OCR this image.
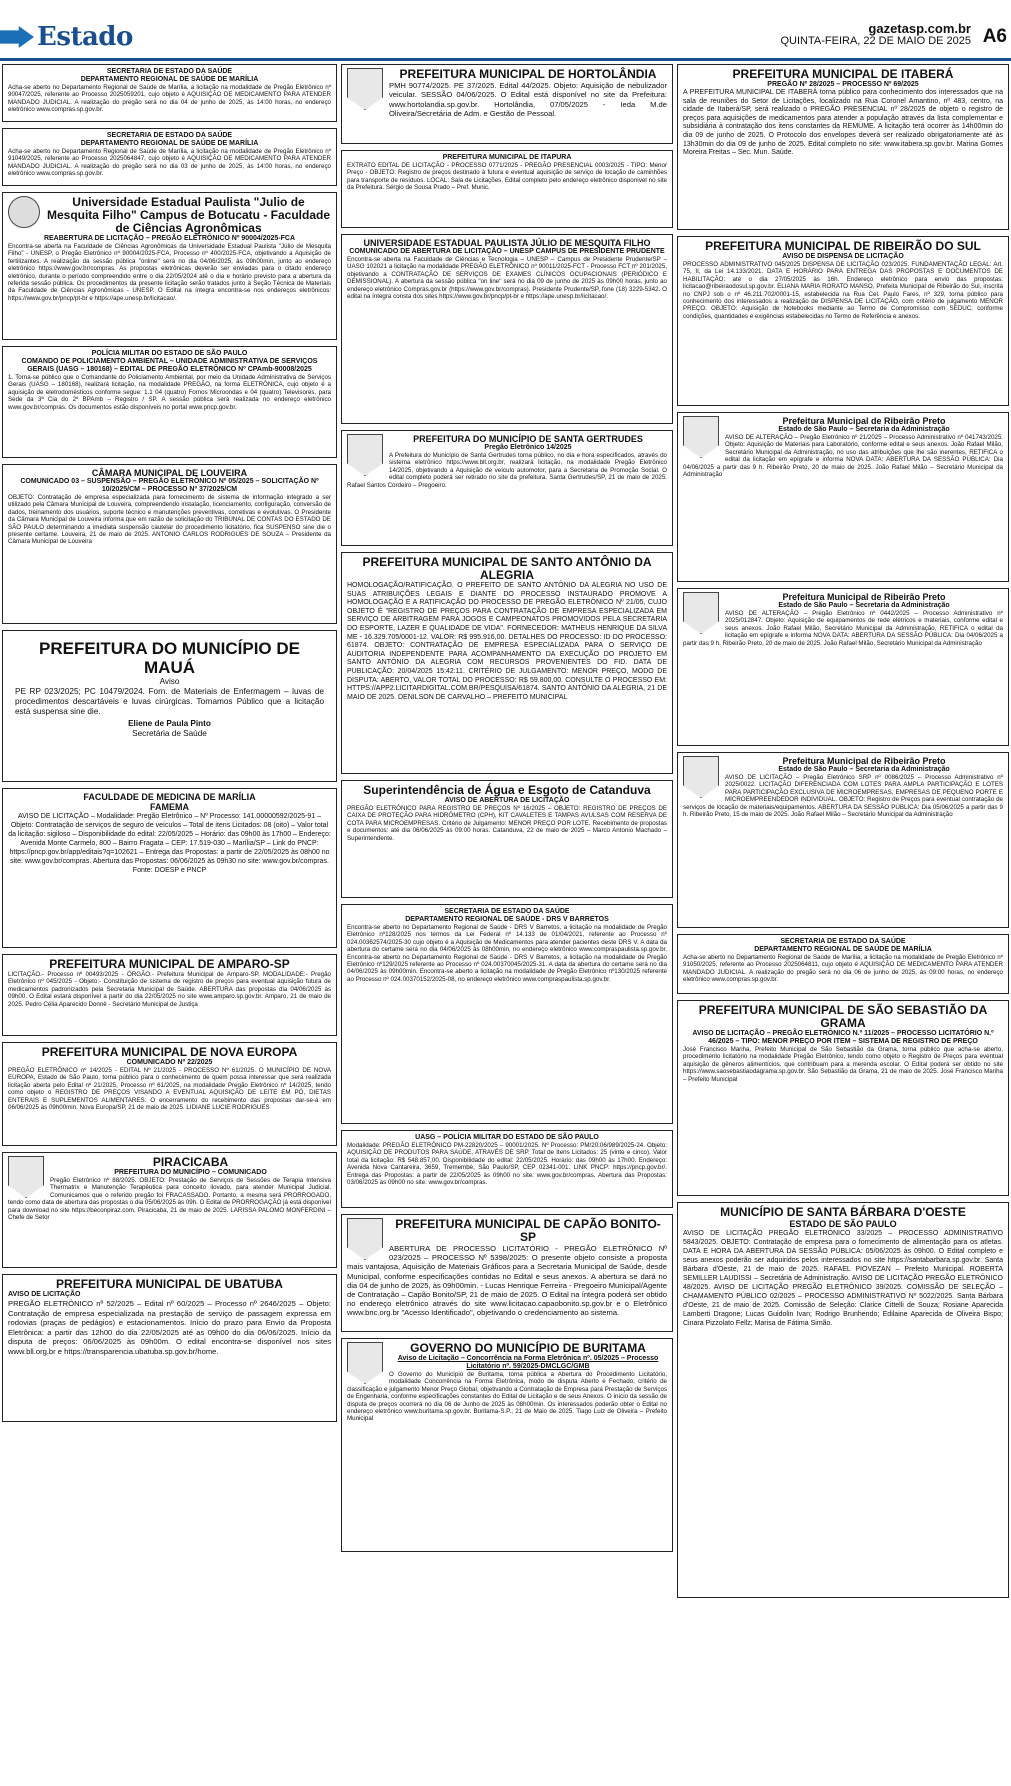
Estado	gazetasp.com.br
QUINTA-FEIRA, 22 DE MAIO DE 2025 A6
SECRETARIA DE ESTADO DA SAÚDE
DEPARTAMENTO REGIONAL DE SAÚDE DE MARÍLIA

Acha-se aberto no Departamento Regional de Saúde de Marília, a licitação na modalidade de Pregão Eletrônico nº 90047/2025, referente ao Processo 2025059201, cujo objeto é AQUISIÇÃO DE MEDICAMENTO PARA ATENDER MANDADO JUDICIAL. A realização do pregão será no dia 04 de junho de 2025, às 14:00 horas, no endereço eletrônico www.compras.sp.gov.br.

SECRETARIA DE ESTADO DA SAÚDE
DEPARTAMENTO REGIONAL DE SAÚDE DE MARÍLIA

Acha-se aberto no Departamento Regional de Saúde de Marília, a licitação na modalidade de Pregão Eletrônico nº 91049/2025, referente ao Processo 2025064847, cujo objeto é AQUISIÇÃO DE MEDICAMENTO PARA ATENDER MANDADO JUDICIAL. A realização do pregão será no dia 03 de junho de 2025, às 14:00 horas, no endereço eletrônico www.compras.sp.gov.br.

Universidade Estadual Paulista "Julio de Mesquita Filho" Campus de Botucatu - Faculdade de Ciências Agronômicas
REABERTURA DE LICITAÇÃO – PREGÃO ELETRÔNICO Nº 90004/2025-FCA

Encontra-se aberta na Faculdade de Ciências Agronômicas da Universidade Estadual Paulista "Júlio de Mesquita Filho" - UNESP, o Pregão Eletrônico nº 90004/2025-FCA, Processo nº 400/2025-FCA, objetivando a Aquisição de fertilizantes. A realização da sessão pública "online" será no dia 04/06/2025, às 09h00min, junto ao endereço eletrônico https://www.gov.br/compras. As propostas eletrônicas deverão ser enviadas para o citado endereço eletrônico, durante o período compreendido entre o dia 22/05/2024 até o dia e horário previsto para a abertura da referida sessão pública. Os procedimentos da presente licitação serão tratados junto à Seção Técnica de Materiais da Faculdade de Ciências Agronômicas - UNESP. O Edital na íntegra encontra-se nos endereços eletrônicos: https://www.gov.br/pncp/pt-br e https://ape.unesp.br/licitacao/.

POLÍCIA MILITAR DO ESTADO DE SÃO PAULO
COMANDO DE POLICIAMENTO AMBIENTAL – UNIDADE ADMINISTRATIVA DE SERVIÇOS GERAIS (UASG – 180168) – EDITAL DE PREGÃO ELETRÔNICO Nº CPAmb-90008/2025

1. Torna-se público que o Comandante do Policiamento Ambiental, por meio da Unidade Administrativa de Serviços Gerais (UASG – 180168), realizará licitação, na modalidade PREGÃO, na forma ELETRÔNICA, cujo objeto é a aquisição de eletrodomésticos conforme segue: 1.1 04 (quatro) Fornos Microondas e 04 (quatro) Televisores, para Sede da 3ª Cia do 2º BPAmb – Registro / SP. A sessão pública será realizada no endereço eletrônico www.gov.br/compras. Os documentos estão disponíveis no portal www.pncp.gov.br.

CÂMARA MUNICIPAL DE LOUVEIRA
COMUNICADO 03 – SUSPENSÃO – PREGÃO ELETRÔNICO Nº 05/2025 – SOLICITAÇÃO Nº 10/2025/CM – PROCESSO Nº 37/2025/CM

OBJETO: Contratação de empresa especializada para fornecimento de sistema de informação integrado a ser utilizado pela Câmara Municipal de Louveira, compreendendo instalação, licenciamento, configuração, conversão de dados, treinamento dos usuários, suporte técnico e manutenções preventivas, corretivas e evolutivas. O Presidente da Câmara Municipal de Louveira informa que em razão de solicitação do TRIBUNAL DE CONTAS DO ESTADO DE SÃO PAULO determinando a imediata suspensão cautelar do procedimento licitatório, fica SUSPENSO sine die o presente certame. Louveira, 21 de maio de 2025. ANTONIO CARLOS RODRIGUES DE SOUZA – Presidente da Câmara Municipal de Louveira

PREFEITURA DO MUNICÍPIO DE MAUÁ
Aviso

PE RP 023/2025; PC 10479/2024. Forn. de Materiais de Enfermagem – luvas de procedimentos descartáveis e luvas cirúrgicas. Tornamos Público que a licitação está suspensa sine die.

Eliene de Paula Pinto
Secretária de Saúde
FACULDADE DE MEDICINA DE MARÍLIA
FAMEMA

AVISO DE LICITAÇÃO – Modalidade: Pregão Eletrônico – Nº Processo: 141.00000592/2025-91 – Objeto: Contratação de serviços de seguro de veículos – Total de itens Licitados: 08 (oito) – Valor total da licitação: sigiloso – Disponibilidade do edital: 22/05/2025 – Horário: das 09h00 às 17h00 – Endereço: Avenida Monte Carmelo, 800 – Bairro Fragata – CEP: 17.519-030 – Marília/SP – Link do PNCP: https://pncp.gov.br/app/editais?q=102621 – Entrega das Propostas: a partir de 22/05/2025 às 08h00 no site: www.gov.br/compras. Abertura das Propostas: 06/06/2025 às 09h30 no site: www.gov.br/compras. Fonte: DOESP e PNCP

PREFEITURA MUNICIPAL DE AMPARO-SP

LICITAÇÃO.- Processo nº 00493/2025 - ÓRGÃO:- Prefeitura Municipal de Amparo-SP. MODALIDADE:- Pregão Eletrônico nº 045/2025 - Objeto:- Constituição de sistema de registro de preços para eventual aquisição futura de medicamentos padronizados pela Secretaria Municipal de Saúde. ABERTURA das propostas dia 04/06/2025 às 09h00. O Edital estará disponível a partir do dia 22/05/2025 no site www.amparo.sp.gov.br. Amparo, 21 de maio de 2025. Pedro Célia Aparecido Donnê - Secretário Municipal de Justiça

PREFEITURA MUNICIPAL DE NOVA EUROPA
COMUNICADO Nº 22/2025

PREGÃO ELETRÔNICO nº 14/2025 - EDITAL Nº 21/2025 - PROCESSO Nº 61/2025. O MUNICÍPIO DE NOVA EUROPA, Estado de São Paulo, torna público para o conhecimento de quem possa interessar que será realizada licitação aberta pelo Edital nº 21/2025, Processo nº 61/2025, na modalidade Pregão Eletrônico nº 14/2025, tendo como objeto o REGISTRO DE PREÇOS VISANDO A EVENTUAL AQUISIÇÃO DE LEITE EM PÓ, DIETAS ENTERAIS E SUPLEMENTOS ALIMENTARES. O encerramento do recebimento das propostas dar-se-á em 06/06/2025 às 09h00min. Nova Europa/SP, 21 de maio de 2025. LIDIANE LUCIE RODRIGUES

PIRACICABA
PREFEITURA DO MUNICÍPIO – COMUNICADO

Pregão Eletrônico nº 88/2025. OBJETO: Prestação de Serviços de Sessões de Terapia Intensiva Thermatrix e Manutenção Terapêutica para conceito ilovado, para atender Municipal Judicial. Comunicamos que o referido pregão foi FRACASSADO. Portanto, a mesma será PRORROGADO, tendo como data de abertura das propostas o dia 05/06/2025 às 09h. O Edital de PRORROGAÇÃO já está disponível para download no site https://beconpiraz.com. Piracicaba, 21 de maio de 2025. LARISSA PALOMO MONFERDINI – Chefe de Setor

PREFEITURA MUNICIPAL DE UBATUBA
AVISO DE LICITAÇÃO

PREGÃO ELETRÔNICO nº 52/2025 – Edital nº 60/2025 – Processo nº 2646/2025 – Objeto: Contratação de empresa especializada na prestação de serviço de passagem expressa em rodovias (praças de pedágios) e estacionamentos. Início do prazo para Envio da Proposta Eletrônica: a partir das 12h00 do dia 22/05/2025 até as 09h00 do dia 06/06/2025. Início da disputa de preços: 06/06/2025 às 09h00m. O edital encontra-se disponível nos sites www.bll.org.br e https://transparencia.ubatuba.sp.gov.br/home.

PREFEITURA MUNICIPAL DE HORTOLÂNDIA

PMH 90774/2025. PE 37/2025. Edital 44/2025. Objeto: Aquisição de nebulizador veicular. SESSÃO 04/06/2025. O Edital está disponível no site da Prefeitura: www.hortolandia.sp.gov.br. Hortolândia, 07/05/2025 - Ieda M.de Oliveira/Secretária de Adm. e Gestão de Pessoal.

PREFEITURA MUNICIPAL DE ITAPURA

EXTRATO EDITAL DE LICITAÇÃO - PROCESSO 0771/2025 - PREGÃO PRESENCIAL 0003/2025 - TIPO: Menor Preço - OBJETO: Registro de preços destinado à futura e eventual aquisição de serviço de locação de caminhões para transporte de resíduos. LOCAL: Sala de Licitações. Edital completo pelo endereço eletrônico disponível no site da Prefeitura. Sérgio de Sousa Prado – Pref. Munic.

UNIVERSIDADE ESTADUAL PAULISTA JÚLIO DE MESQUITA FILHO
COMUNICADO DE ABERTURA DE LICITAÇÃO – UNESP CAMPUS DE PRESIDENTE PRUDENTE

Encontra-se aberta na Faculdade de Ciências e Tecnologia – UNESP – Campus de Presidente Prudente/SP – UASG 102021 a licitação na modalidade PREGÃO ELETRÔNICO nº 90011/2025-FCT - Processo FCT nº 201/2025, objetivando a CONTRATAÇÃO DE SERVIÇOS DE EXAMES CLÍNICOS OCUPACIONAIS (PERIÓDICO E DEMISSIONAL). A abertura da sessão pública "on line" será no dia 09 de junho de 2025 às 09h00 horas, junto ao endereço eletrônico Compras.gov.br (https://www.gov.br/compras). Presidente Prudente/SP, fone (18) 3229-5342. O edital na íntegra consta dos sites https://www.gov.br/pncp/pt-br e https://ape.unesp.br/licitacao/.

PREFEITURA DO MUNICÍPIO DE SANTA GERTRUDES
Pregão Eletrônico 14/2025

A Prefeitura do Município de Santa Gertrudes torna público, no dia e hora especificados, através do sistema eletrônico https://www.bll.org.br, realizará licitação, na modalidade Pregão Eletrônico 14/2025, objetivando a Aquisição de veículo automotor, para a Secretaria de Promoção Social. O edital completo poderá ser retirado no site da prefeitura. Santa Gertrudes/SP, 21 de maio de 2025. Rafael Santos Cordeiro – Pregoeiro.

PREFEITURA MUNICIPAL DE SANTO ANTÔNIO DA ALEGRIA

HOMOLOGAÇÃO/RATIFICAÇÃO. O PREFEITO DE SANTO ANTÔNIO DA ALEGRIA NO USO DE SUAS ATRIBUIÇÕES LEGAIS E DIANTE DO PROCESSO INSTAURADO PROMOVE A HOMOLOGAÇÃO E A RATIFICAÇÃO DO PROCESSO DE PREGÃO ELETRÔNICO Nº 21/05, CUJO OBJETO É "REGISTRO DE PREÇOS PARA CONTRATAÇÃO DE EMPRESA ESPECIALIZADA EM SERVIÇO DE ARBITRAGEM PARA JOGOS E CAMPEONATOS PROMOVIDOS PELA SECRETARIA DO ESPORTE, LAZER E QUALIDADE DE VIDA". FORNECEDOR: MATHEUS HENRIQUE DA SILVA ME - 16.329.705/0001-12. VALOR: R$ 995.916,00. DETALHES DO PROCESSO: ID DO PROCESSO: 61874. OBJETO: CONTRATAÇÃO DE EMPRESA ESPECIALIZADA PARA O SERVIÇO DE AUDITORIA INDEPENDENTE PARA ACOMPANHAMENTO DA EXECUÇÃO DO PROJETO EM SANTO ANTÔNIO DA ALEGRIA COM RECURSOS PROVENIENTES DO FID. DATA DE PUBLICAÇÃO: 20/04/2025 15:42:11. CRITÉRIO DE JULGAMENTO: MENOR PREÇO, MODO DE DISPUTA: ABERTO, VALOR TOTAL DO PROCESSO: R$ 59.800,00. CONSULTE O PROCESSO EM: HTTPS://APP2.LICITARDIGITAL.COM.BR/PESQUISA/61874. SANTO ANTÔNIO DA ALEGRIA, 21 DE MAIO DE 2025. DENILSON DE CARVALHO – PREFEITO MUNICIPAL

Superintendência de Água e Esgoto de Catanduva
AVISO DE ABERTURA DE LICITAÇÃO

PREGÃO ELETRÔNICO PARA REGISTRO DE PREÇOS Nº 16/2025 – OBJETO: REGISTRO DE PREÇOS DE CAIXA DE PROTEÇÃO PARA HIDRÔMETRO (CPH), KIT CAVALETES E TAMPAS AVULSAS COM RESERVA DE COTA PARA MICROEMPRESAS. Critério de Julgamento: MENOR PREÇO POR LOTE. Recebimento de propostas e documentos: até dia 06/06/2025 às 09:00 horas. Catanduva, 22 de maio de 2025 – Marco Antonio Machado – Superintendente.

SECRETARIA DE ESTADO DA SAÚDE
DEPARTAMENTO REGIONAL DE SAÚDE - DRS V BARRETOS

Encontra-se aberto no Departamento Regional de Saúde - DRS V Barretos, a licitação na modalidade de Pregão Eletrônico nº128/2025 nos termos da Lei Federal nº 14.133 de 01/04/2021, referente ao Processo nº 024.00362574/2025-30 cujo objeto é a Aquisição de Medicamentos para atender pacientes deste DRS V. A data da abertura do certame será no dia 04/06/2025 às 08h00min, no endereço eletrônico www.compraspaulista.sp.gov.br. Encontra-se aberto no Departamento Regional de Saúde - DRS V Barretos, a licitação na modalidade de Pregão Eletrônico nº129/2025 referente ao Processo nº 024.00370045/2025-31. A data da abertura do certame será no dia 04/06/2025 às 09h00min. Encontra-se aberto a licitação na modalidade de Pregão Eletrônico nº130/2025 referente ao Processo nº 024.00370152/2025-08, no endereço eletrônico www.compraspaulista.sp.gov.br.

UASG – POLÍCIA MILITAR DO ESTADO DE SÃO PAULO

Modalidade: PREGÃO ELETRÔNICO PM-22820/2025 – 90001/2025. Nº Processo: PM/20.06/989/2025-24. Objeto: AQUISIÇÃO DE PRODUTOS PARA SAÚDE, ATRAVÉS DE SRP. Total de Itens Licitados: 25 (vinte e cinco). Valor total da licitação: R$ 548.857,00. Disponibilidade do edital: 22/05/2025. Horário: das 09h00 às 17h00. Endereço: Avenida Nova Cantareira, 3659, Tremembé, São Paulo/SP, CEP 02341-001. LINK PNCP: https://pncp.gov.br/. Entrega das Propostas: a partir de 22/05/2025 às 09h00 no site: www.gov.br/compras. Abertura das Propostas: 03/06/2025 às 09h00 no site: www.gov.br/compras.

PREFEITURA MUNICIPAL DE CAPÃO BONITO-SP

ABERTURA DE PROCESSO LICITATÓRIO - PREGÃO ELETRÔNICO Nº 023/2025 – PROCESSO Nº 5398/2025: O presente objeto consiste a proposta mais vantajosa, Aquisição de Materiais Gráficos para a Secretaria Municipal de Saúde, desde Municipal, conforme especificações contidas no Edital e seus anexos. A abertura se dará no dia 04 de junho de 2025, às 09h00min. - Lucas Henrique Ferreira - Pregoeiro Municipal/Agente de Contratação – Capão Bonito/SP, 21 de maio de 2025. O Edital na íntegra poderá ser obtido no endereço eletrônico através do site www.licitacao.capaobonito.sp.gov.br e o Eletrônico www.bnc.org.br "Acesso Identificado", objetivando o credenciamento ao sistema.

GOVERNO DO MUNICÍPIO DE BURITAMA
Aviso de Licitação – Concorrência na Forma Eletrônica nº. 05/2025 – Processo Licitatório nº. 59/2025-DMCLGC/GMB

O Governo do Município de Buritama, torna pública a Abertura do Procedimento Licitatório, modalidade Concorrência na Forma Eletrônica, modo de disputa Aberto e Fechado, critério de classificação e julgamento Menor Preço Global, objetivando a Contratação de Empresa para Prestação de Serviços de Engenharia, conforme especificações constantes do Edital de Licitação e de seus Anexos. O início da sessão de disputa de preços ocorrerá no dia 06 de Junho de 2025 às 08h00min. Os interessados poderão obter o Edital no endereço eletrônico www.buritama.sp.gov.br. Buritama-S.P., 21 de Maio de 2025. Tiago Luiz de Oliveira – Prefeito Municipal

PREFEITURA MUNICIPAL DE ITABERÁ
PREGÃO Nº 28/2025 – PROCESSO Nº 69/2025

A PREFEITURA MUNICIPAL DE ITABERÁ torna público para conhecimento dos interessados que na sala de reuniões do Setor de Licitações, localizado na Rua Coronel Amantino, nº 483, centro, na cidade de Itaberá/SP, será realizado o PREGÃO PRESENCIAL nº 28/2025 de objeto o registro de preços para aquisições de medicamentos para atender a população através da lista complementar e subsidiária à contratação dos itens constantes da REMUME. A licitação terá ocorrer às 14h00min do dia 09 de junho de 2025. O Protocolo dos envelopes deverá ser realizado obrigatoriamente até às 13h30min do dia 09 de junho de 2025. Edital completo no site: www.itabera.sp.gov.br. Marina Gomes Moreira Freitas – Sec. Mun. Saúde.

PREFEITURA MUNICIPAL DE RIBEIRÃO DO SUL
AVISO DE DISPENSA DE LICITAÇÃO

PROCESSO ADMINISTRATIVO 045/2025 DISPENSA DE LICITAÇÃO 023/2025. FUNDAMENTAÇÃO LEGAL: Art. 75, II, da Lei 14.133/2021. DATA E HORÁRIO PARA ENTREGA DAS PROPOSTAS E DOCUMENTOS DE HABILITAÇÃO: até o dia 27/05/2025 às 16h. Endereço eletrônico para envio das propostas: licitacao@ribeiraodosul.sp.gov.br. ELIANA MARIA RORATO MANSO, Prefeita Municipal de Ribeirão do Sul, inscrita no CNPJ sob o nº 46.211.702/0001-15, estabelecida na Rua Cel. Paulo Fares, nº 329, torna público para conhecimento dos interessados a realização de DISPENSA DE LICITAÇÃO, com critério de julgamento MENOR PREÇO. OBJETO: Aquisição de Notebooks mediante ao Termo de Compromisso com SEDUC, conforme condições, quantidades e exigências estabelecidas no Termo de Referência e anexos.

Prefeitura Municipal de Ribeirão Preto
Estado de São Paulo – Secretaria da Administração

AVISO DE ALTERAÇÃO – Pregão Eletrônico nº 21/2025 – Processo Administrativo nº 041743/2025. Objeto: Aquisição de Materiais para Laboratório, conforme edital e seus anexos. João Rafael Milão, Secretário Municipal da Administração, no uso das atribuições que lhe são inerentes, RETIFICA o edital da licitação em epígrafe e informa NOVA DATA: ABERTURA DA SESSÃO PÚBLICA: Dia 04/06/2025 a partir das 9 h. Ribeirão Preto, 20 de maio de 2025. João Rafael Milão – Secretário Municipal da Administração

Prefeitura Municipal de Ribeirão Preto
Estado de São Paulo – Secretaria da Administração

AVISO DE ALTERAÇÃO – Pregão Eletrônico nº 0442/2025 – Processo Administrativo nº 2025/012847. Objeto: Aquisição de equipamentos de rede elétricos e materiais, conforme edital e seus anexos. João Rafael Milão, Secretário Municipal da Administração, RETIFICA o edital da licitação em epígrafe e informa NOVA DATA: ABERTURA DA SESSÃO PÚBLICA: Dia 04/06/2025 a partir das 9 h. Ribeirão Preto, 20 de maio de 2025. João Rafael Milão, Secretário Municipal da Administração

Prefeitura Municipal de Ribeirão Preto
Estado de São Paulo – Secretaria da Administração

AVISO DE LICITAÇÃO – Pregão Eletrônico SRP nº 0086/2025 – Processo Administrativo nº 2025/0022. LICITAÇÃO DIFERENCIADA COM LOTES PARA AMPLA PARTICIPAÇÃO E LOTES PARA PARTICIPAÇÃO EXCLUSIVA DE MICROEMPRESAS, EMPRESAS DE PEQUENO PORTE E MICROEMPREENDEDOR INDIVIDUAL. OBJETO: Registro de Preços para eventual contratação de serviços de locação de materiais/equipamentos. ABERTURA DA SESSÃO PÚBLICA: Dia 05/06/2025 a partir das 9 h. Ribeirão Preto, 15 de maio de 2025. João Rafael Milão – Secretário Municipal da Administração

SECRETARIA DE ESTADO DA SAÚDE
DEPARTAMENTO REGIONAL DE SAÚDE DE MARÍLIA

Acha-se aberto no Departamento Regional de Saúde de Marília, a licitação na modalidade de Pregão Eletrônico nº 91050/2025, referente ao Processo 2025064811, cujo objeto é AQUISIÇÃO DE MEDICAMENTO PARA ATENDER MANDADO JUDICIAL. A realização do pregão será no dia 06 de junho de 2025, às 09:00 horas, no endereço eletrônico www.compras.sp.gov.br.

PREFEITURA MUNICIPAL DE SÃO SEBASTIÃO DA GRAMA
AVISO DE LICITAÇÃO – PREGÃO ELETRÔNICO N.º 11/2025 – PROCESSO LICITATÓRIO N.º 46/2025 – TIPO: MENOR PREÇO POR ITEM – SISTEMA DE REGISTRO DE PREÇO

José Francisco Mariha, Prefeito Municipal de São Sebastião da Grama, torna público que acha-se aberto, procedimento licitatório na modalidade Pregão Eletrônico, tendo como objeto o Registro de Preços para eventual aquisição de gêneros alimentícios, que contribuam para a merenda escolar. O Edital poderá ser obtido no site https://www.saosebastiaodagrama.sp.gov.br. São Sebastião da Grama, 21 de maio de 2025. José Francisco Mariha – Prefeito Municipal

MUNICÍPIO DE SANTA BÁRBARA D'OESTE
ESTADO DE SÃO PAULO

AVISO DE LICITAÇÃO PREGÃO ELETRÔNICO 33/2025 – PROCESSO ADMINISTRATIVO 5843/2025. OBJETO: Contratação de empresa para o fornecimento de alimentação para os atletas. DATA E HORA DA ABERTURA DA SESSÃO PÚBLICA: 05/06/2025 às 09h00. O Edital completo e seus anexos poderão ser adquiridos pelos interessados no site https://santabarbara.sp.gov.br. Santa Bárbara d'Oeste, 21 de maio de 2025. RAFAEL PIOVEZAN – Prefeito Municipal. ROBERTA SEMILLER LAUDISSI – Secretária de Administração. AVISO DE LICITAÇÃO PREGÃO ELETRÔNICO 48/2025. AVISO DE LICITAÇÃO PREGÃO ELETRÔNICO 39/2025. COMISSÃO DE SELEÇÃO – CHAMAMENTO PÚBLICO 02/2025 – PROCESSO ADMINISTRATIVO Nº 5022/2025. Santa Bárbara d'Oeste, 21 de maio de 2025. Comissão de Seleção: Clarice Cittelli de Souza; Rosiane Aparecida Lamberti Dragone; Lucas Guidolin Ivan; Rodrigo Brunhendo; Edilaine Aparecida de Oliveira Bispo; Cinara Pizzolato Fellz; Marisa de Fátima Simão.
